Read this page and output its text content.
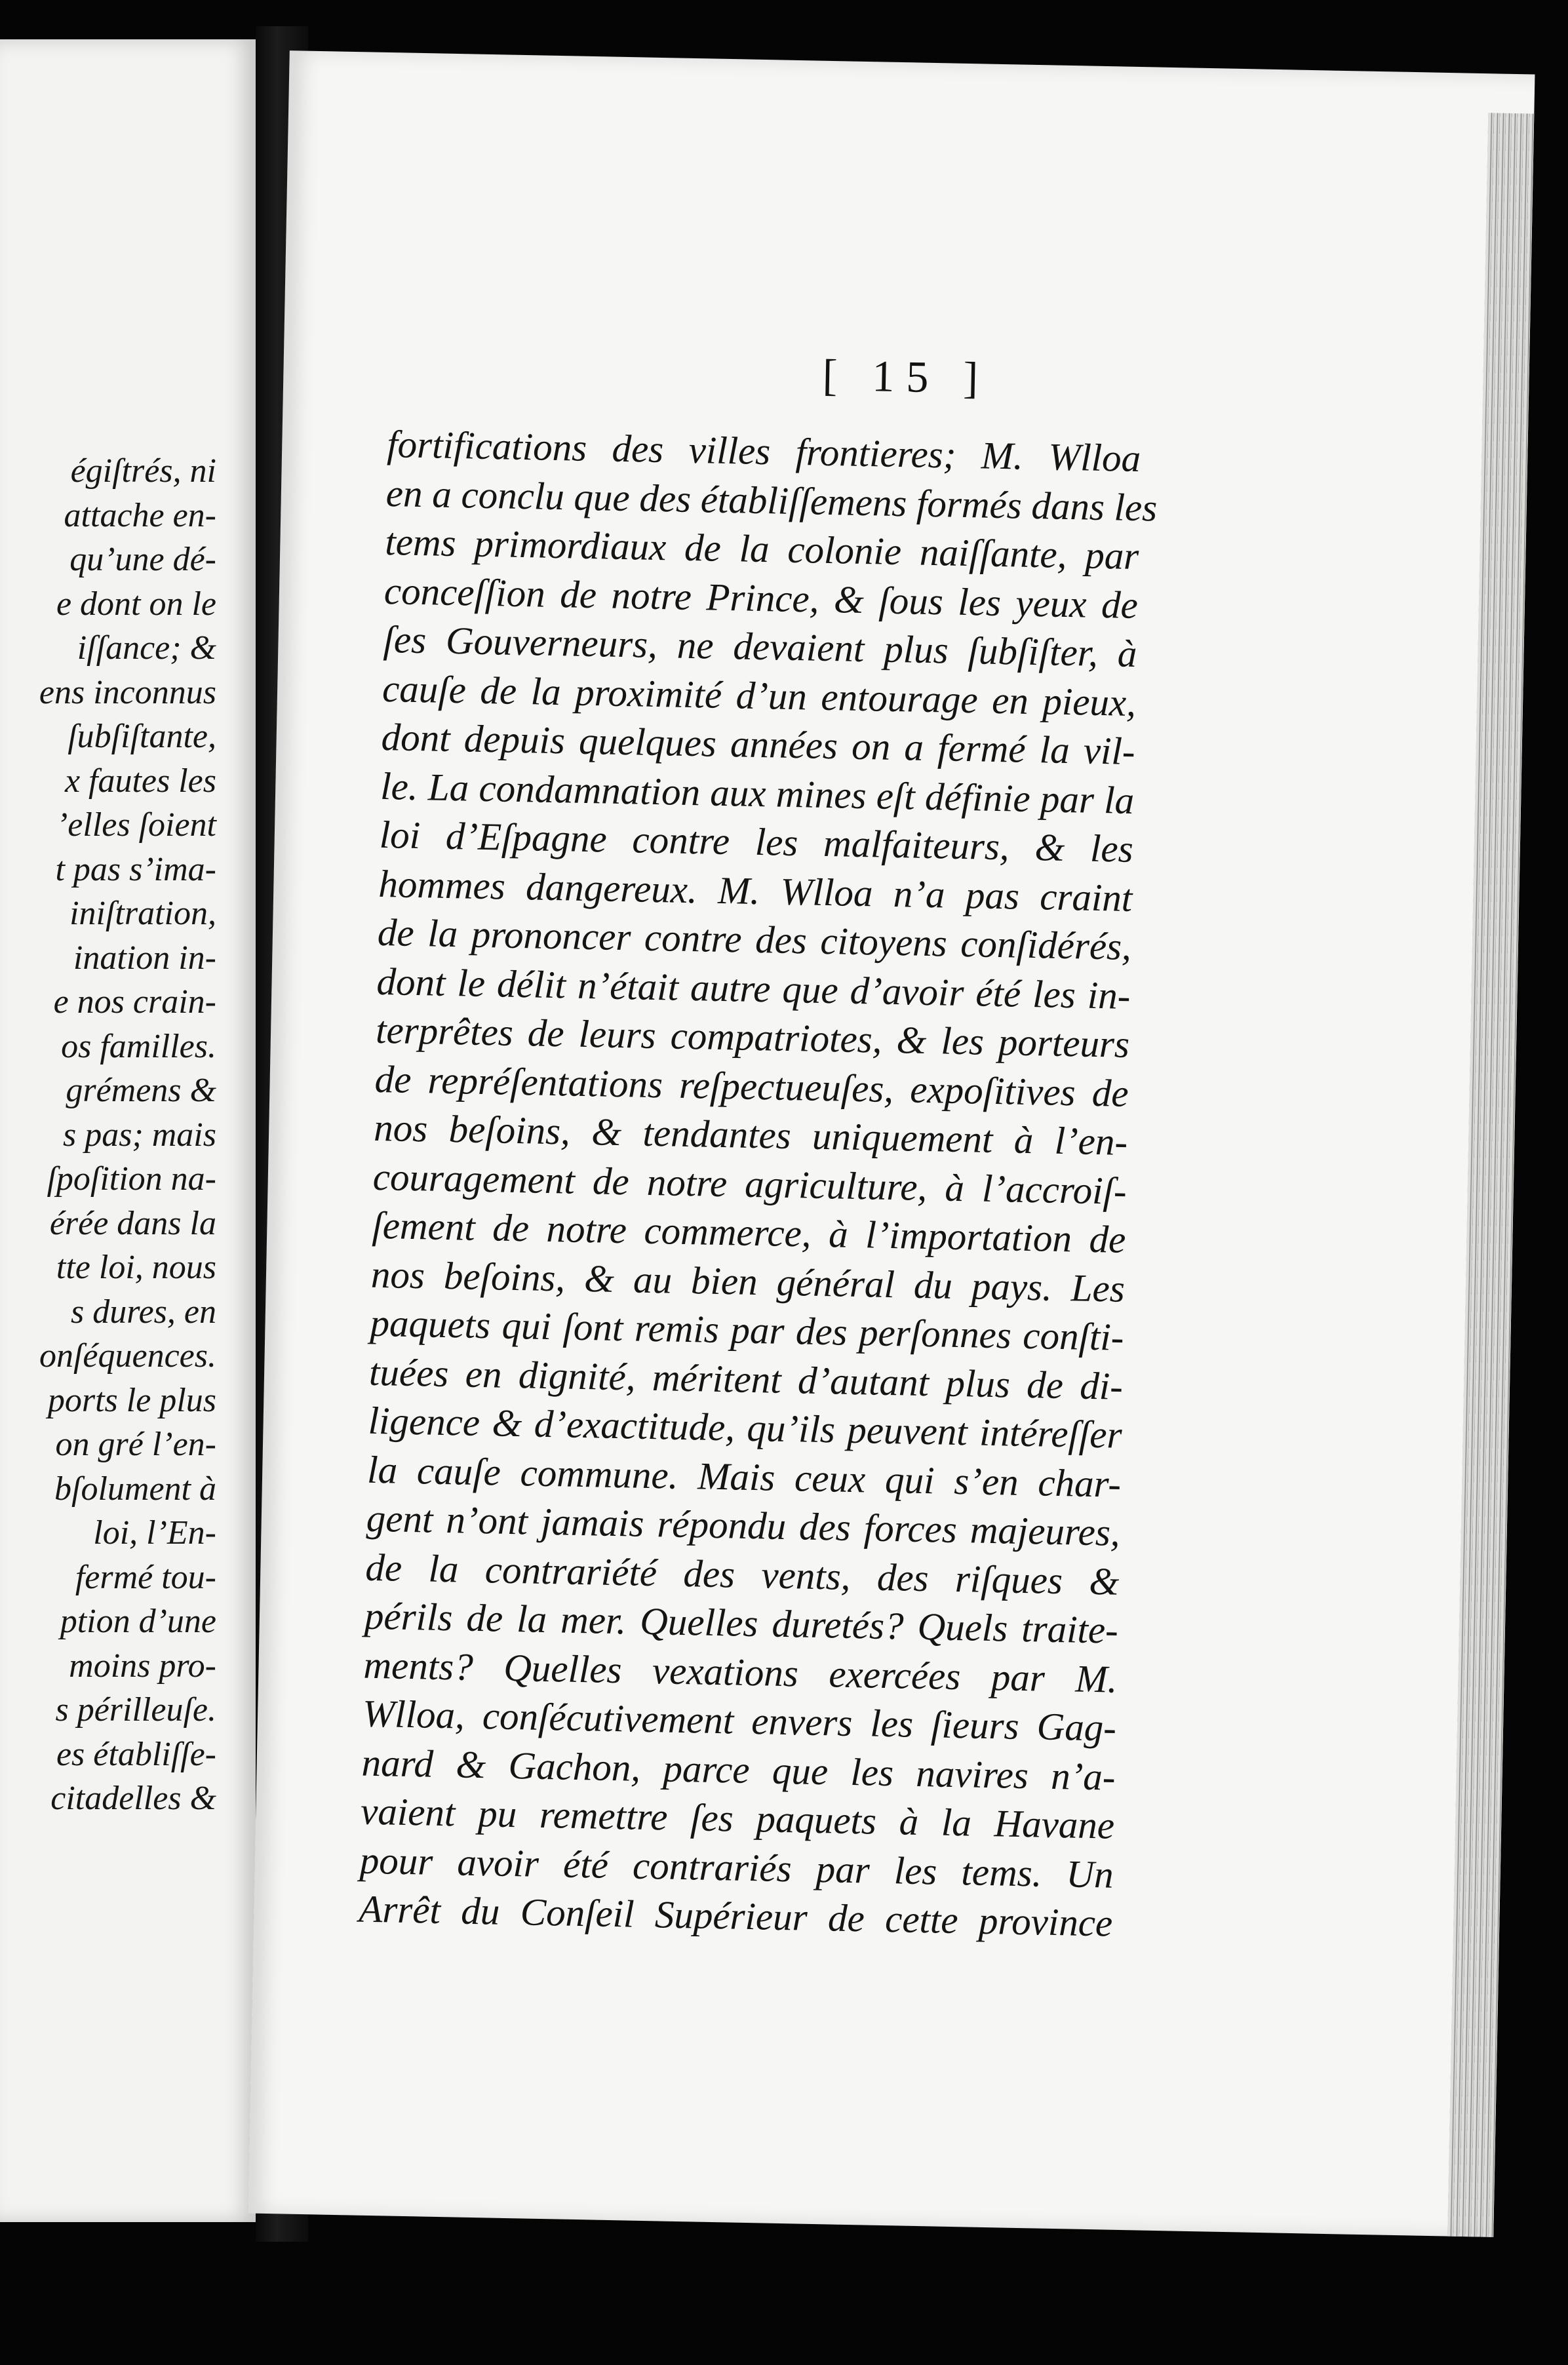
égiſtrés, ni
attache en-
qu’une dé-
e dont on le
iſſance; &
ens inconnus
ſubſiſtante,
x fautes les
’elles ſoient
t pas s’ima-
iniſtration,
ination in-
e nos crain-
os familles.
grémens &
s pas; mais
ſpoſition na-
érée dans la
tte loi, nous
s dures, en
onſéquences.
ports le plus
on gré l’en-
bſolument à
loi, l’En-
fermé tou-
ption d’une
moins pro-
s périlleuſe.
es établiſſe-
citadelles &
[ 15 ]
fortifications des villes frontieres; M. Wlloa
en a conclu que des établiſſemens formés dans les
tems primordiaux de la colonie naiſſante, par
conceſſion de notre Prince, & ſous les yeux de
ſes Gouverneurs, ne devaient plus ſubſiſter, à
cauſe de la proximité d’un entourage en pieux,
dont depuis quelques années on a fermé la vil-
le. La condamnation aux mines eſt définie par la
loi d’Eſpagne contre les malfaiteurs, & les
hommes dangereux. M. Wlloa n’a pas craint
de la prononcer contre des citoyens conſidérés,
dont le délit n’était autre que d’avoir été les in-
terprêtes de leurs compatriotes, & les porteurs
de repréſentations reſpectueuſes, expoſitives de
nos beſoins, & tendantes uniquement à l’en-
couragement de notre agriculture, à l’accroiſ-
ſement de notre commerce, à l’importation de
nos beſoins, & au bien général du pays. Les
paquets qui ſont remis par des perſonnes conſti-
tuées en dignité, méritent d’autant plus de di-
ligence & d’exactitude, qu’ils peuvent intéreſſer
la cauſe commune. Mais ceux qui s’en char-
gent n’ont jamais répondu des forces majeures,
de la contrariété des vents, des riſques &
périls de la mer. Quelles duretés? Quels traite-
ments? Quelles vexations exercées par M.
Wlloa, conſécutivement envers les ſieurs Gag-
nard & Gachon, parce que les navires n’a-
vaient pu remettre ſes paquets à la Havane
pour avoir été contrariés par les tems. Un
Arrêt du Conſeil Supérieur de cette province
